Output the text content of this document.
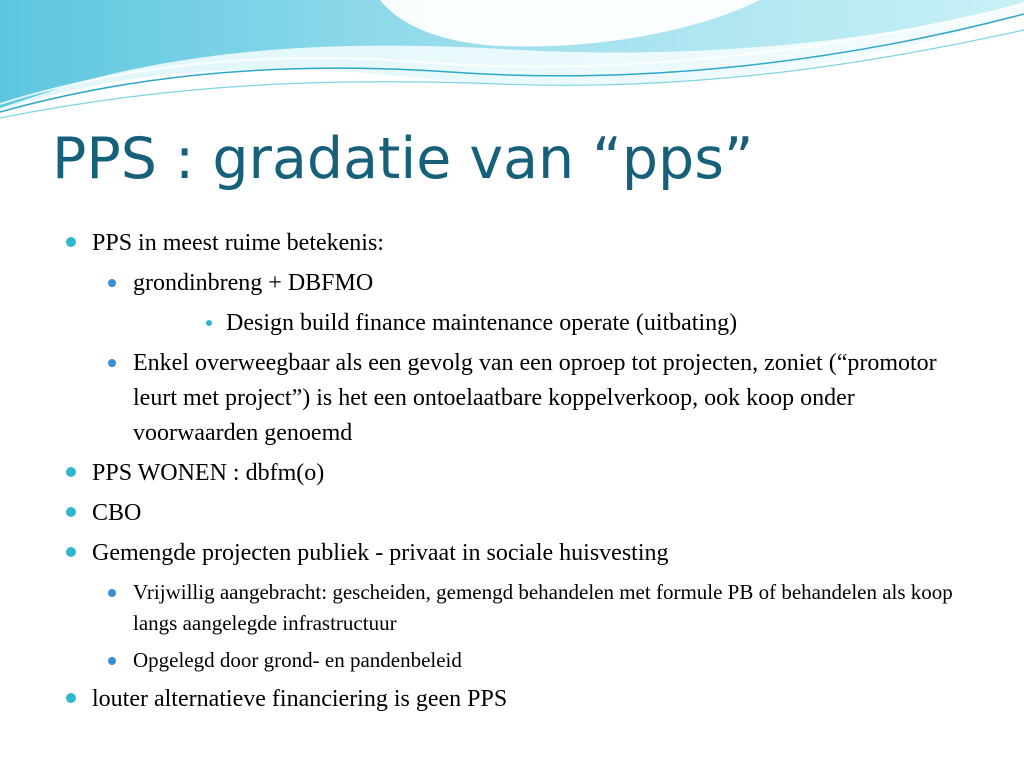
PPS : gradatie van “pps”
PPS in meest ruime betekenis:
grondinbreng + DBFMO
Design build finance maintenance operate (uitbating)
Enkel overweegbaar als een gevolg van een oproep tot projecten, zoniet (“promotor leurt met project”) is het een ontoelaatbare koppelverkoop, ook koop onder voorwaarden genoemd
PPS WONEN : dbfm(o)
CBO
Gemengde projecten publiek - privaat in sociale huisvesting
Vrijwillig aangebracht: gescheiden, gemengd behandelen met formule PB of behandelen als koop langs aangelegde infrastructuur
Opgelegd door grond- en pandenbeleid
louter alternatieve financiering is geen PPS
